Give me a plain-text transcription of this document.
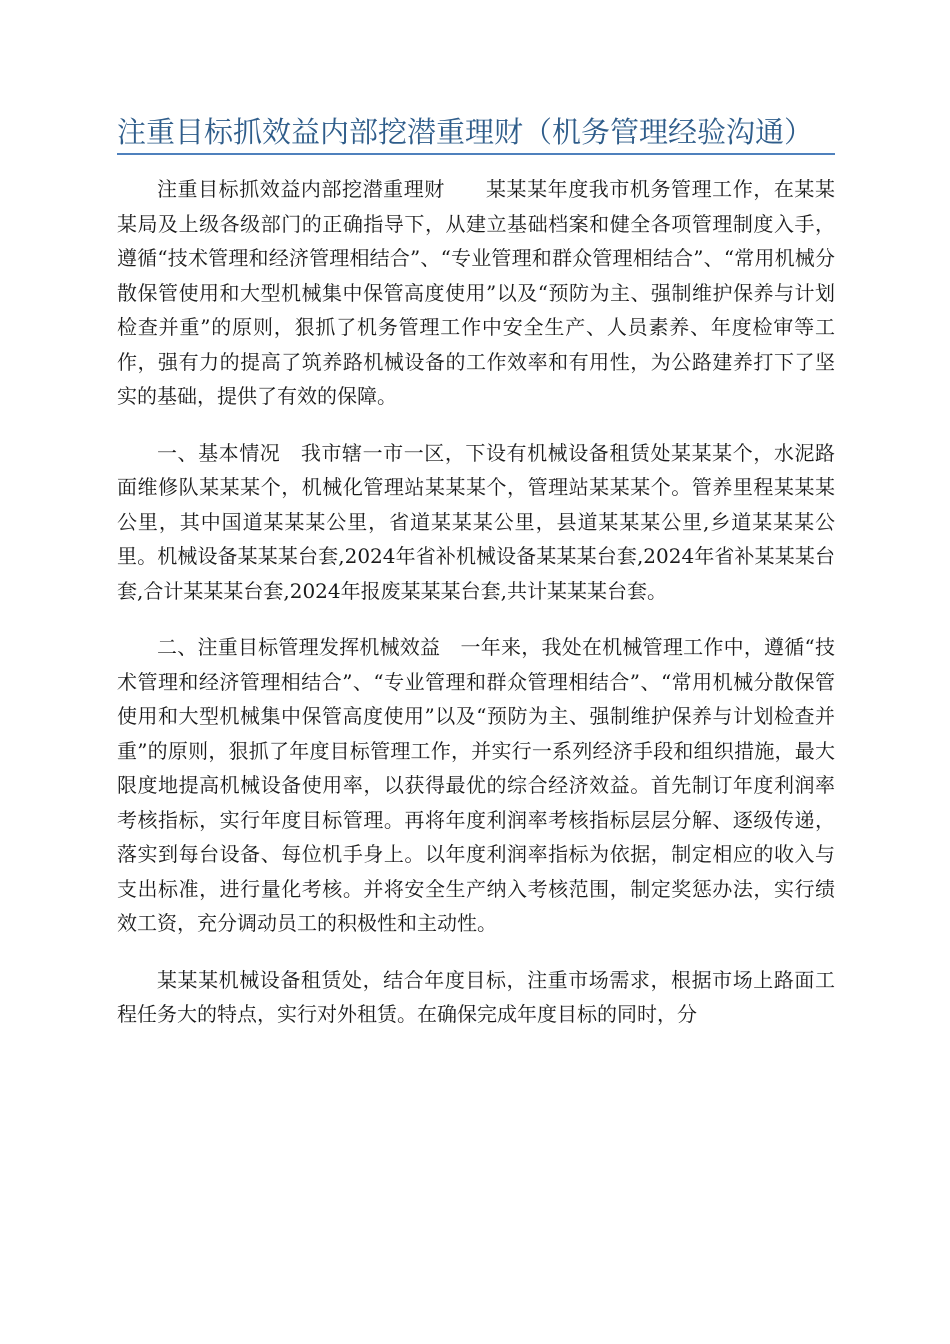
注重目标抓效益内部挖潜重理财（机务管理经验沟通）

注重目标抓效益内部挖潜重理财　　某某某年度我市机务管理工作，在某某某局及上级各级部门的正确指导下，从建立基础档案和健全各项管理制度入手，遵循“技术管理和经济管理相结合”、“专业管理和群众管理相结合”、“常用机械分散保管使用和大型机械集中保管高度使用”以及“预防为主、强制维护保养与计划检查并重”的原则，狠抓了机务管理工作中安全生产、人员素养、年度检审等工作，强有力的提高了筑养路机械设备的工作效率和有用性，为公路建养打下了坚实的基础，提供了有效的保障。

一、基本情况　我市辖一市一区，下设有机械设备租赁处某某某个，水泥路面维修队某某某个，机械化管理站某某某个，管理站某某某个。管养里程某某某公里，其中国道某某某公里，省道某某某公里，县道某某某公里,乡道某某某公里。机械设备某某某台套,2024年省补机械设备某某某台套,2024年省补某某某台套,合计某某某台套,2024年报废某某某台套,共计某某某台套。

二、注重目标管理发挥机械效益　一年来，我处在机械管理工作中，遵循“技术管理和经济管理相结合”、“专业管理和群众管理相结合”、“常用机械分散保管使用和大型机械集中保管高度使用”以及“预防为主、强制维护保养与计划检查并重”的原则，狠抓了年度目标管理工作，并实行一系列经济手段和组织措施，最大限度地提高机械设备使用率，以获得最优的综合经济效益。首先制订年度利润率考核指标，实行年度目标管理。再将年度利润率考核指标层层分解、逐级传递，落实到每台设备、每位机手身上。以年度利润率指标为依据，制定相应的收入与支出标准，进行量化考核。并将安全生产纳入考核范围，制定奖惩办法，实行绩效工资，充分调动员工的积极性和主动性。

某某某机械设备租赁处，结合年度目标，注重市场需求，根据市场上路面工程任务大的特点，实行对外租赁。在确保完成年度目标的同时，分
